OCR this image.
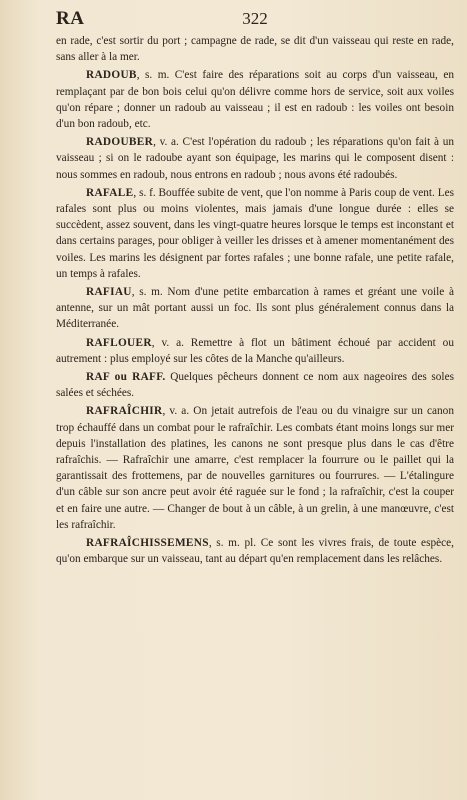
RA	322

en rade, c'est sortir du port ; campagne de rade, se dit d'un vaisseau qui reste en rade, sans aller à la mer.

RADOUB, s. m. C'est faire des réparations soit au corps d'un vaisseau, en remplaçant par de bon bois celui qu'on délivre comme hors de service, soit aux voiles qu'on répare ; donner un radoub au vaisseau ; il est en radoub : les voiles ont besoin d'un bon radoub, etc.

RADOUBER, v. a. C'est l'opération du radoub ; les réparations qu'on fait à un vaisseau ; si on le radoube ayant son équipage, les marins qui le composent disent : nous sommes en radoub, nous entrons en radoub ; nous avons été radoubés.

RAFALE, s. f. Bouffée subite de vent, que l'on nomme à Paris coup de vent. Les rafales sont plus ou moins violentes, mais jamais d'une longue durée : elles se succèdent, assez souvent, dans les vingt-quatre heures lorsque le temps est inconstant et dans certains parages, pour obliger à veiller les drisses et à amener momentanément des voiles. Les marins les désignent par fortes rafales ; une bonne rafale, une petite rafale, un temps à rafales.

RAFIAU, s. m. Nom d'une petite embarcation à rames et gréant une voile à antenne, sur un mât portant aussi un foc. Ils sont plus généralement connus dans la Méditerranée.

RAFLOUER, v. a. Remettre à flot un bâtiment échoué par accident ou autrement : plus employé sur les côtes de la Manche qu'ailleurs.

RAF ou RAFF. Quelques pêcheurs donnent ce nom aux nageoires des soles salées et séchées.

RAFRAÎCHIR, v. a. On jetait autrefois de l'eau ou du vinaigre sur un canon trop échauffé dans un combat pour le rafraîchir. Les combats étant moins longs sur mer depuis l'installation des platines, les canons ne sont presque plus dans le cas d'être rafraîchis. — Rafraîchir une amarre, c'est remplacer la fourrure ou le paillet qui la garantissait des frottemens, par de nouvelles garnitures ou fourrures. — L'étalingure d'un câble sur son ancre peut avoir été raguée sur le fond ; la rafraîchir, c'est la couper et en faire une autre. — Changer de bout à un câble, à un grelin, à une manœuvre, c'est les rafraîchir.

RAFRAÎCHISSEMENS, s. m. pl. Ce sont les vivres frais, de toute espèce, qu'on embarque sur un vaisseau, tant au départ qu'en remplacement dans les relâches.
